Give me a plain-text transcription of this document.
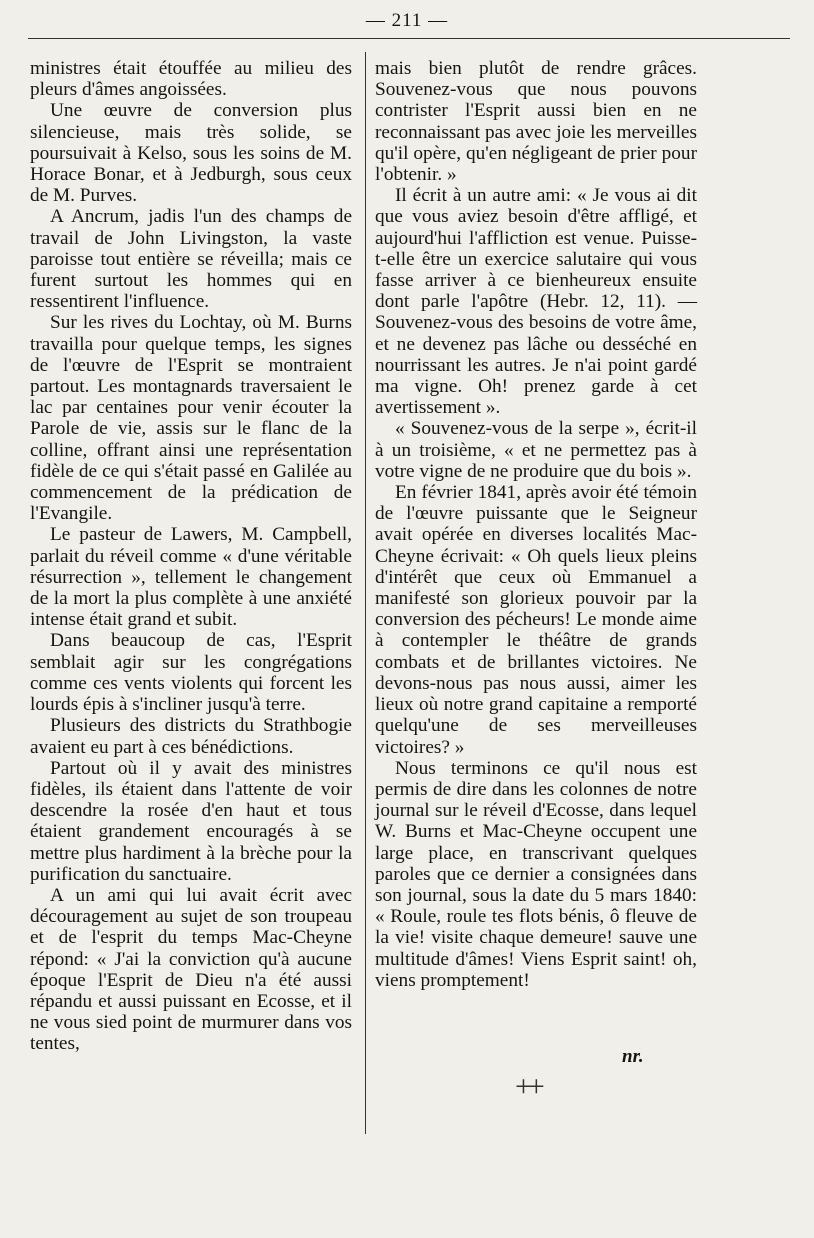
— 211 —

ministres était étouffée au milieu des pleurs d'âmes angoissées.

Une œuvre de conversion plus silencieuse, mais très solide, se poursuivait à Kelso, sous les soins de M. Horace Bonar, et à Jedburgh, sous ceux de M. Purves.

A Ancrum, jadis l'un des champs de travail de John Livingston, la vaste paroisse tout entière se réveilla; mais ce furent surtout les hommes qui en ressentirent l'influence.

Sur les rives du Lochtay, où M. Burns travailla pour quelque temps, les signes de l'œuvre de l'Esprit se montraient partout. Les montagnards traversaient le lac par centaines pour venir écouter la Parole de vie, assis sur le flanc de la colline, offrant ainsi une représentation fidèle de ce qui s'était passé en Galilée au commencement de la prédication de l'Evangile.

Le pasteur de Lawers, M. Campbell, parlait du réveil comme « d'une véritable résurrection », tellement le changement de la mort la plus complète à une anxiété intense était grand et subit.

Dans beaucoup de cas, l'Esprit semblait agir sur les congrégations comme ces vents violents qui forcent les lourds épis à s'incliner jusqu'à terre.

Plusieurs des districts du Strathbogie avaient eu part à ces bénédictions.

Partout où il y avait des ministres fidèles, ils étaient dans l'attente de voir descendre la rosée d'en haut et tous étaient grandement encouragés à se mettre plus hardiment à la brèche pour la purification du sanctuaire.

A un ami qui lui avait écrit avec découragement au sujet de son troupeau et de l'esprit du temps Mac-Cheyne répond: « J'ai la conviction qu'à aucune époque l'Esprit de Dieu n'a été aussi répandu et aussi puissant en Ecosse, et il ne vous sied point de murmurer dans vos tentes,

mais bien plutôt de rendre grâces. Souvenez-vous que nous pouvons contrister l'Esprit aussi bien en ne reconnaissant pas avec joie les merveilles qu'il opère, qu'en négligeant de prier pour l'obtenir. »

Il écrit à un autre ami: « Je vous ai dit que vous aviez besoin d'être affligé, et aujourd'hui l'affliction est venue. Puisse-t-elle être un exercice salutaire qui vous fasse arriver à ce bienheureux ensuite dont parle l'apôtre (Hebr. 12, 11). — Souvenez-vous des besoins de votre âme, et ne devenez pas lâche ou desséché en nourrissant les autres. Je n'ai point gardé ma vigne. Oh! prenez garde à cet avertissement ».

« Souvenez-vous de la serpe », écrit-il à un troisième, « et ne permettez pas à votre vigne de ne produire que du bois ».

En février 1841, après avoir été témoin de l'œuvre puissante que le Seigneur avait opérée en diverses localités Mac-Cheyne écrivait: « Oh quels lieux pleins d'intérêt que ceux où Emmanuel a manifesté son glorieux pouvoir par la conversion des pécheurs! Le monde aime à contempler le théâtre de grands combats et de brillantes victoires. Ne devons-nous pas nous aussi, aimer les lieux où notre grand capitaine a remporté quelqu'une de ses merveilleuses victoires? »

Nous terminons ce qu'il nous est permis de dire dans les colonnes de notre journal sur le réveil d'Ecosse, dans lequel W. Burns et Mac-Cheyne occupent une large place, en transcrivant quelques paroles que ce dernier a consignées dans son journal, sous la date du 5 mars 1840: « Roule, roule tes flots bénis, ô fleuve de la vie! visite chaque demeure! sauve une multitude d'âmes! Viens Esprit saint! oh, viens promptement!

nr.
++
